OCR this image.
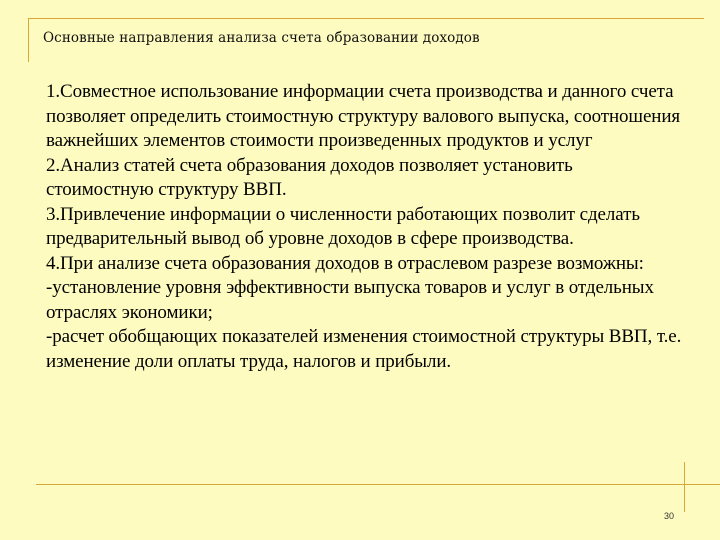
Основные направления анализа счета образовании доходов

1.Совместное использование информации счета производства и данного счета позволяет определить стоимостную структуру валового выпуска, соотношения важнейших элементов стоимости произведенных продуктов и услуг

2.Анализ статей счета образования доходов позволяет установить стоимостную структуру ВВП.

3.Привлечение информации о численности работающих позволит сделать предварительный вывод об уровне доходов в сфере производства.

4.При анализе счета образования доходов в отраслевом разрезе возможны:

-установление уровня эффективности выпуска товаров и услуг в отдельных отраслях экономики;

-расчет обобщающих показателей изменения стоимостной структуры ВВП, т.е. изменение доли оплаты труда, налогов и прибыли.

30
